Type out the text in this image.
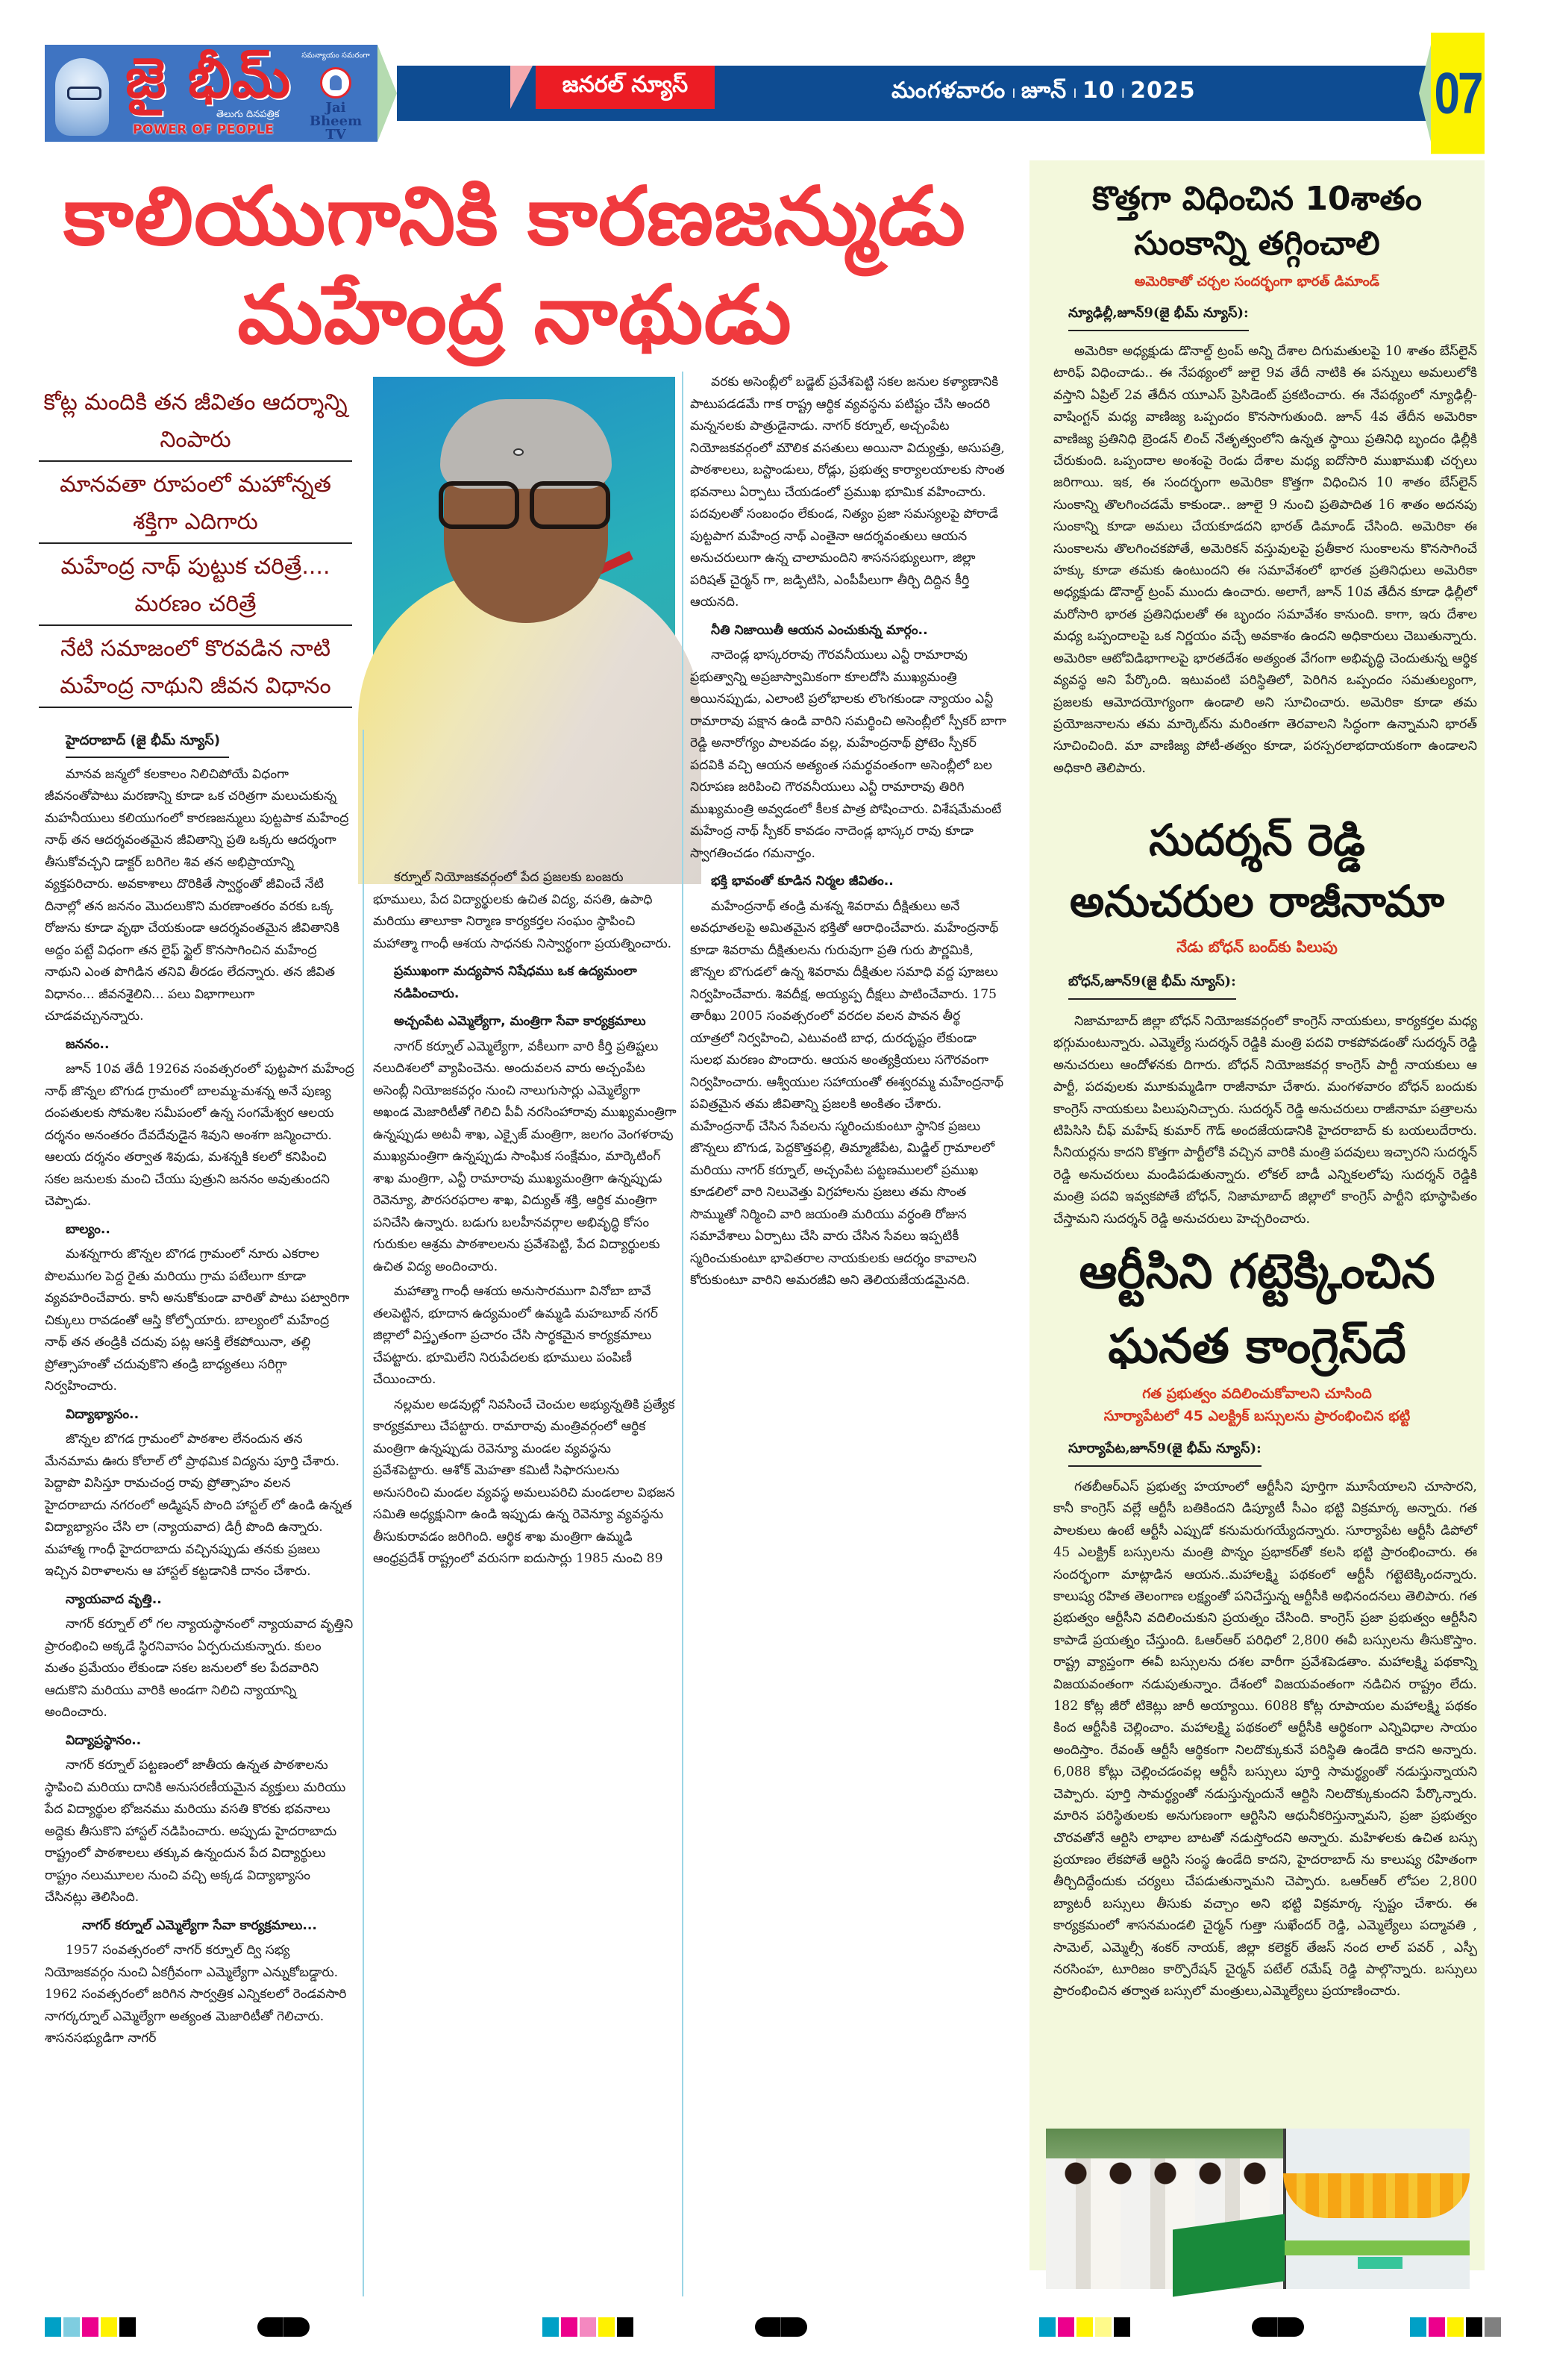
జై భీమ్
తెలుగు దినపత్రిక
POWER OF PEOPLE
సమన్యాయం సమరంగా
Jai Bheem TV
సామాన్యుడి ఆయుధంగా
జనరల్ న్యూస్	మంగళవారం । జూన్ । 10 । 2025	07
కాలియుగానికి కారణజన్ముడు
మహేంద్ర నాథుడు
కోట్ల మందికి తన జీవితం ఆదర్శాన్ని నింపారు మానవతా రూపంలో మహోన్నత శక్తిగా ఎదిగారు మహేంద్ర నాథ్ పుట్టుక చరిత్రే.... మరణం చరిత్రే నేటి సమాజంలో కొరవడిన నాటి మహేంద్ర నాథుని జీవన విధానం
హైదరాబాద్ (జై భీమ్ న్యూస్)

మానవ జన్మలో కలకాలం నిలిచిపోయే విధంగా జీవనంతోపాటు మరణాన్ని కూడా ఒక చరిత్రగా మలుచుకున్న మహనీయులు కలియుగంలో కారణజన్ములు పుట్టపాక మహేంద్ర నాథ్ తన ఆదర్శవంతమైన జీవితాన్ని ప్రతి ఒక్కరు ఆదర్శంగా తీసుకోవచ్చని డాక్టర్ బరిగెల శివ తన అభిప్రాయాన్ని వ్యక్తపరిచారు. అవకాశాలు దొరికితే స్వార్థంతో జీవించే నేటి దినాల్లో తన జననం మొదలుకొని మరణాంతరం వరకు ఒక్క రోజును కూడా వృథా చేయకుండా ఆదర్శవంతమైన జీవితానికి అద్దం పట్టే విధంగా తన లైఫ్ స్టైల్ కొనసాగించిన మహేంద్ర నాథుని ఎంత పొగిడిన తనివి తీరడం లేదన్నారు. తన జీవిత విధానం... జీవనశైలిని... పలు విభాగాలుగా చూడవచ్చునన్నారు.

జననం..

జూన్ 10వ తేదీ 1926వ సంవత్సరంలో పుట్టపాగ మహేంద్ర నాథ్ జొన్నల బొగుడ గ్రామంలో బాలమ్మ-మశన్న అనే పుణ్య దంపతులకు సోమశిల సమీపంలో ఉన్న సంగమేశ్వర ఆలయ దర్శనం అనంతరం దేవదేవుడైన శివుని అంశగా జన్మించారు. ఆలయ దర్శనం తర్వాత శివుడు, మశన్నకి కలలో కనిపించి సకల జనులకు మంచి చేయు పుత్రుని జననం అవుతుందని చెప్పాడు.

బాల్యం..

మశన్నగారు జొన్నల బొగడ గ్రామంలో నూరు ఎకరాల పొలముగల పెద్ద రైతు మరియు గ్రామ పటేలుగా కూడా వ్యవహరించేవారు. కానీ అనుకోకుండా వారితో పాటు పట్వారిగా చిక్కులు రావడంతో ఆస్తి కోల్పోయారు. బాల్యంలో మహేంద్ర నాథ్ తన తండ్రికి చదువు పట్ల ఆసక్తి లేకపోయినా, తల్లి ప్రోత్సాహంతో చదువుకొని తండ్రి బాధ్యతలు సరిగ్గా నిర్వహించారు.

విద్యాభ్యాసం..

జొన్నల బొగడ గ్రామంలో పాఠశాల లేనందున తన మేనమామ ఊరు కోలాల్ లో ప్రాథమిక విద్యను పూర్తి చేశారు. పెద్దాపొ విసిస్తూ రామచంద్ర రావు ప్రోత్సాహం వలన హైదరాబాదు నగరంలో అడ్మిషన్ పొంది హాస్టల్ లో ఉండి ఉన్నత విద్యాభ్యాసం చేసి లా (న్యాయవాద) డిగ్రీ పొంది ఉన్నారు. మహాత్మ గాంధీ హైదరాబాదు వచ్చినప్పుడు తనకు ప్రజలు ఇచ్చిన విరాళాలను ఆ హాస్టల్ కట్టడానికి దానం చేశారు.

న్యాయవాద వృత్తి..

నాగర్ కర్నూల్ లో గల న్యాయస్థానంలో న్యాయవాద వృత్తిని ప్రారంభించి అక్కడే స్థిరనివాసం ఏర్పరుచుకున్నారు. కులం మతం ప్రమేయం లేకుండా సకల జనులలో కల పేదవారిని ఆదుకొని మరియు వారికి అండగా నిలిచి న్యాయాన్ని అందించారు.

విద్యాప్రస్థానం..

నాగర్ కర్నూల్ పట్టణంలో జాతీయ ఉన్నత పాఠశాలను స్థాపించి మరియు దానికి అనుసరణీయమైన వ్యక్తులు మరియు పేద విద్యార్థుల భోజనము మరియు వసతి కొరకు భవనాలు అద్దెకు తీసుకొని హాస్టల్ నడిపించారు. అప్పుడు హైదరాబాదు రాష్ట్రంలో పాఠశాలలు తక్కువ ఉన్నందున పేద విద్యార్థులు రాష్ట్రం నలుమూలల నుంచి వచ్చి అక్కడ విద్యాభ్యాసం చేసినట్లు తెలిసింది.

నాగర్ కర్నూల్ ఎమ్మెల్యేగా సేవా కార్యక్రమాలు...

1957 సంవత్సరంలో నాగర్ కర్నూల్ ద్వి సభ్య నియోజకవర్గం నుంచి ఏకగ్రీవంగా ఎమ్మెల్యేగా ఎన్నుకోబడ్డారు. 1962 సంవత్సరంలో జరిగిన సార్వత్రిక ఎన్నికలలో రెండవసారి నాగర్కర్నూల్ ఎమ్మెల్యేగా అత్యంత మెజారిటీతో గెలిచారు. శాసనసభ్యుడిగా నాగర్

కర్నూల్ నియోజకవర్గంలో పేద ప్రజలకు బంజరు భూములు, పేద విద్యార్థులకు ఉచిత విద్య, వసతి, ఉపాధి మరియు తాలూకా నిర్మాణ కార్యకర్తల సంఘం స్థాపించి మహాత్మా గాంధీ ఆశయ సాధనకు నిస్వార్థంగా ప్రయత్నించారు.

ప్రముఖంగా మద్యపాన నిషేధము ఒక ఉద్యమంలా నడిపించారు.
అచ్చంపేట ఎమ్మెల్యేగా, మంత్రిగా సేవా కార్యక్రమాలు

నాగర్ కర్నూల్ ఎమ్మెల్యేగా, వకీలుగా వారి కీర్తి ప్రతిష్టలు నలుదిశలలో వ్యాపించెను. అందువలన వారు అచ్చంపేట అసెంబ్లీ నియోజకవర్గం నుంచి నాలుగుసార్లు ఎమ్మెల్యేగా అఖండ మెజారిటీతో గెలిచి పీవీ నరసింహారావు ముఖ్యమంత్రిగా ఉన్నప్పుడు అటవీ శాఖ, ఎక్సైజ్ మంత్రిగా, జలగం వెంగళరావు ముఖ్యమంత్రిగా ఉన్నప్పుడు సాంఘిక సంక్షేమం, మార్కెటింగ్ శాఖ మంత్రిగా, ఎన్టీ రామారావు ముఖ్యమంత్రిగా ఉన్నప్పుడు రెవెన్యూ, పౌరసరఫరాల శాఖ, విద్యుత్ శక్తి, ఆర్థిక మంత్రిగా పనిచేసి ఉన్నారు. బడుగు బలహీనవర్గాల అభివృద్ధి కోసం గురుకుల ఆశ్రమ పాఠశాలలను ప్రవేశపెట్టి, పేద విద్యార్థులకు ఉచిత విద్య అందించారు.

మహాత్మా గాంధీ ఆశయ అనుసారముగా వినోబా బావే తలపెట్టిన, భూదాన ఉద్యమంలో ఉమ్మడి మహబూబ్ నగర్ జిల్లాలో విస్తృతంగా ప్రచారం చేసి సార్థకమైన కార్యక్రమాలు చేపట్టారు. భూమిలేని నిరుపేదలకు భూములు పంపిణీ చేయించారు.

నల్లమల అడవుల్లో నివసించే చెంచుల అభ్యున్నతికి ప్రత్యేక కార్యక్రమాలు చేపట్టారు. రామారావు మంత్రివర్గంలో ఆర్థిక మంత్రిగా ఉన్నప్పుడు రెవెన్యూ మండల వ్యవస్థను ప్రవేశపెట్టారు. ఆశోక్ మెహతా కమిటీ సిఫారసులను అనుసరించి మండల వ్యవస్థ అమలుపరిచి మండలాల విభజన సమితి అధ్యక్షునిగా ఉండి ఇప్పుడు ఉన్న రెవెన్యూ వ్యవస్థను తీసుకురావడం జరిగింది. ఆర్థిక శాఖ మంత్రిగా ఉమ్మడి ఆంధ్రప్రదేశ్ రాష్ట్రంలో వరుసగా ఐదుసార్లు 1985 నుంచి 89

వరకు అసెంబ్లీలో బడ్జెట్ ప్రవేశపెట్టి సకల జనుల కళ్యాణానికి పాటుపడడమే గాక రాష్ట్ర ఆర్థిక వ్యవస్థను పటిష్టం చేసి అందరి మన్ననలకు పాత్రుడైనాడు. నాగర్ కర్నూల్, అచ్చంపేట నియోజకవర్గంలో మౌలిక వసతులు అయినా విద్యుత్తు, అసుపత్రి, పాఠశాలలు, బస్టాండులు, రోడ్లు, ప్రభుత్వ కార్యాలయాలకు సొంత భవనాలు ఏర్పాటు చేయడంలో ప్రముఖ భూమిక వహించారు. పదవులతో సంబంధం లేకుండ, నిత్యం ప్రజా సమస్యలపై పోరాడే పుట్టపాగ మహేంద్ర నాథ్ ఎంతైనా ఆదర్శవంతులు ఆయన అనుచరులుగా ఉన్న చాలామందిని శాసనసభ్యులుగా, జిల్లా పరిషత్ చైర్మన్ గా, జడ్పిటిసి, ఎంపీపీలుగా తీర్చి దిద్దిన కీర్తి ఆయనది.

నీతి నిజాయితీ ఆయన ఎంచుకున్న మార్గం..

నాదెండ్ల భాస్కరరావు గౌరవనీయులు ఎన్టీ రామారావు ప్రభుత్వాన్ని అప్రజాస్వామికంగా కూలదోసి ముఖ్యమంత్రి అయినప్పుడు, ఎలాంటి ప్రలోభాలకు లొంగకుండా న్యాయం ఎన్టీ రామారావు పక్షాన ఉండి వారిని సమర్థించి అసెంబ్లీలో స్పీకర్ బాగా రెడ్డి అనారోగ్యం పాలవడం వల్ల, మహేంద్రనాథ్ ప్రోటెం స్పీకర్ పదవికి వచ్చి ఆయన అత్యంత సమర్థవంతంగా అసెంబ్లీలో బల నిరూపణ జరిపించి గౌరవనీయులు ఎన్టీ రామారావు తిరిగి ముఖ్యమంత్రి అవ్వడంలో కీలక పాత్ర పోషించారు. విశేషమేమంటే మహేంద్ర నాథ్ స్పీకర్ కావడం నాదెండ్ల భాస్కర రావు కూడా స్వాగతించడం గమనార్హం.

భక్తి భావంతో కూడిన నిర్మల జీవితం..

మహేంద్రనాథ్ తండ్రి మశన్న శివరామ దీక్షితులు అనే అవధూతలపై అమితమైన భక్తితో ఆరాధించేవారు. మహేంద్రనాథ్ కూడా శివరామ దీక్షితులను గురువుగా ప్రతి గురు పౌర్ణమికి, జొన్నల బొగుడలో ఉన్న శివరామ దీక్షితుల సమాధి వద్ద పూజలు నిర్వహించేవారు. శివదీక్ష, అయ్యప్ప దీక్షలు పాటించేవారు. 175 తారీఖు 2005 సంవత్సరంలో వరదల వలన పావన తీర్థ యాత్రలో నిర్వహించి, ఎటువంటి బాధ, దురదృష్టం లేకుండా సులభ మరణం పొందారు. ఆయన అంత్యక్రియలు సగౌరవంగా నిర్వహించారు. ఆశ్వీయుల సహాయంతో ఈశ్వరమ్మ మహేంద్రనాథ్ పవిత్రమైన తమ జీవితాన్ని ప్రజలకి అంకితం చేశారు. మహేంద్రనాథ్ చేసిన సేవలను స్మరించుకుంటూ స్థానిక ప్రజలు జొన్నలు బొగుడ, పెద్దకొత్తపల్లి, తిమ్మాజీపేట, మిడ్జిల్ గ్రామాలలో మరియు నాగర్ కర్నూల్, అచ్చంపేట పట్టణములలో ప్రముఖ కూడలిలో వారి నిలువెత్తు విగ్రహాలను ప్రజలు తమ సొంత సొమ్ముతో నిర్మించి వారి జయంతి మరియు వర్ధంతి రోజున సమావేశాలు ఏర్పాటు చేసి వారు చేసిన సేవలు ఇప్పటికీ స్మరించుకుంటూ భావితరాల నాయకులకు ఆదర్శం కావాలని కోరుకుంటూ వారిని అమరజీవి అని తెలియజేయడమైనది.

కొత్తగా విధించిన 10శాతం
సుంకాన్ని తగ్గించాలి
అమెరికాతో చర్చల సందర్భంగా భారత్ డిమాండ్
న్యూఢిల్లీ,జూన్9(జై భీమ్ న్యూస్):

అమెరికా అధ్యక్షుడు డొనాల్డ్ ట్రంప్ అన్ని దేశాల దిగుమతులపై 10 శాతం బేస్‌లైన్ టారిఫ్ విధించాడు.. ఈ నేపథ్యంలో జులై 9వ తేదీ నాటికి ఈ పన్నులు అమలులోకి వస్తాని ఏప్రిల్ 2వ తేదీన యూఎస్ ప్రెసిడెంట్ ప్రకటించారు. ఈ నేపథ్యంలో న్యూఢిల్లీ- వాషింగ్టన్ మధ్య వాణిజ్య ఒప్పందం కొనసాగుతుంది. జూన్ 4వ తేదీన అమెరికా వాణిజ్య ప్రతినిధి బ్రెండన్ లించ్ నేతృత్వంలోని ఉన్నత స్థాయి ప్రతినిధి బృందం ఢిల్లీకి చేరుకుంది. ఒప్పందాల అంశంపై రెండు దేశాల మధ్య ఐదోసారి ముఖాముఖి చర్చలు జరిగాయి. ఇక, ఈ సందర్భంగా అమెరికా కొత్తగా విధించిన 10 శాతం బేస్‌లైన్ సుంకాన్ని తొలగించడమే కాకుండా.. జూలై 9 నుంచి ప్రతిపాదిత 16 శాతం అదనపు సుంకాన్ని కూడా అమలు చేయకూడదని భారత్ డిమాండ్ చేసింది. అమెరికా ఈ సుంకాలను తొలగించకపోతే, అమెరికన్ వస్తువులపై ప్రతీకార సుంకాలను కొనసాగించే హక్కు కూడా తమకు ఉంటుందని ఈ సమావేశంలో భారత ప్రతినిధులు అమెరికా అధ్యక్షుడు డొనాల్డ్ ట్రంప్ ముందు ఉంచారు. అలాగే, జూన్ 10వ తేదీన కూడా ఢిల్లీలో మరోసారి భారత ప్రతినిధులతో ఈ బృందం సమావేశం కానుంది. కాగా, ఇరు దేశాల మధ్య ఒప్పందాలపై ఒక నిర్ణయం వచ్చే అవకాశం ఉందని అధికారులు చెబుతున్నారు. అమెరికా ఆటోవిడిభాగాలపై భారతదేశం అత్యంత వేగంగా అభివృద్ధి చెందుతున్న ఆర్థిక వ్యవస్థ అని పేర్కొంది. ఇటువంటి పరిస్థితిలో, పెరిగిన ఒప్పందం సమతుల్యంగా, ప్రజలకు ఆమోదయోగ్యంగా ఉండాలి అని సూచించారు. అమెరికా కూడా తమ ప్రయోజనాలను తమ మార్కెట్‌ను మరింతగా తెరవాలని సిద్ధంగా ఉన్నామని భారత్ సూచించింది. మా వాణిజ్య పోటీ-తత్వం కూడా, పరస్పరలాభదాయకంగా ఉండాలని అధికారి తెలిపారు.

సుదర్శన్ రెడ్డి
అనుచరుల రాజీనామా
నేడు బోధన్ బంద్‌కు పిలుపు
బోధన్,జూన్9(జై భీమ్ న్యూస్):

నిజామాబాద్ జిల్లా బోధన్ నియోజకవర్గంలో కాంగ్రెస్ నాయకులు, కార్యకర్తల మధ్య భగ్గుమంటున్నారు. ఎమ్మెల్యే సుదర్శన్ రెడ్డికి మంత్రి పదవి రాకపోవడంతో సుదర్శన్ రెడ్డి అనుచరులు ఆందోళనకు దిగారు. బోధన్ నియోజకవర్గ కాంగ్రెస్ పార్టీ నాయకులు ఆ పార్టీ, పదవులకు మూకుమ్మడిగా రాజీనామా చేశారు. మంగళవారం బోధన్ బందుకు కాంగ్రెస్ నాయకులు పిలుపునిచ్చారు. సుదర్శన్ రెడ్డి అనుచరులు రాజీనామా పత్రాలను టిపిసిసి చీఫ్ మహేష్ కుమార్ గౌడ్ అందజేయడానికి హైదరాబాద్ కు బయలుదేరారు. సీనియర్లను కాదని కొత్తగా పార్టీలోకి వచ్చిన వారికి మంత్రి పదవులు ఇచ్చారని సుదర్శన్ రెడ్డి అనుచరులు మండిపడుతున్నారు. లోకల్ బాడీ ఎన్నికలలోపు సుదర్శన్ రెడ్డికి మంత్రి పదవి ఇవ్వకపోతే బోధన్, నిజామాబాద్ జిల్లాలో కాంగ్రెస్ పార్టీని భూస్థాపితం చేస్తామని సుదర్శన్ రెడ్డి అనుచరులు హెచ్చరించారు.

ఆర్టీసిని గట్టెక్కించిన
ఘనత కాంగ్రెస్‌దే
గత ప్రభుత్వం వదిలించుకోవాలని చూసింది
సూర్యాపేటలో 45 ఎలక్ట్రిక్ బస్సులను ప్రారంభించిన భట్టి
సూర్యాపేట,జూన్9(జై భీమ్ న్యూస్):

గతబీఆర్ఎస్ ప్రభుత్వ హయాంలో ఆర్టీసీని పూర్తిగా మూసేయాలని చూసారని, కానీ కాంగ్రెస్ వల్లే ఆర్టీసీ బతికిందని డిప్యూటీ సీఎం భట్టి విక్రమార్క అన్నారు. గత పాలకులు ఉంటే ఆర్టీసీ ఎప్పుడో కనుమరుగయ్యేదన్నారు. సూర్యాపేట ఆర్టీసీ డిపోలో 45 ఎలక్ట్రిక్ బస్సులను మంత్రి పొన్నం ప్రభాకర్‌తో కలసి భట్టి ప్రారంభించారు. ఈ సందర్భంగా మాట్లాడిన ఆయన..మహాలక్ష్మి పథకంలో ఆర్టీసీ గట్టెటెక్కిందన్నారు. కాలుష్య రహిత తెలంగాణ లక్ష్యంతో పనిచేస్తున్న ఆర్టీసీకి అభినందనలు తెలిపారు. గత ప్రభుత్వం ఆర్టీసీని వదిలించుకుని ప్రయత్నం చేసింది. కాంగ్రెస్ ప్రజా ప్రభుత్వం ఆర్టీసీని కాపాడే ప్రయత్నం చేస్తుంది. ఓఆర్ఆర్ పరిధిలో 2,800 ఈవీ బస్సులను తీసుకొస్తాం. రాష్ట్ర వ్యాప్తంగా ఈవీ బస్సులను దశల వారీగా ప్రవేశపెడతాం. మహాలక్ష్మి పథకాన్ని విజయవంతంగా నడుపుతున్నాం. దేశంలో విజయవంతంగా నడిచిన రాష్ట్రం లేదు. 182 కోట్ల జీరో టికెట్లు జారీ అయ్యాయి. 6088 కోట్ల రూపాయల మహాలక్ష్మి పథకం కింద ఆర్టీసీకి చెల్లించాం. మహాలక్ష్మి పథకంలో ఆర్టీసీకి ఆర్థికంగా ఎన్నివిధాల సాయం అందిస్తాం. రేవంత్ ఆర్టీసీ ఆర్థికంగా నిలదొక్కుకునే పరిస్థితి ఉండేది కాదని అన్నారు. 6,088 కోట్లు చెల్లించడంవల్ల ఆర్టీసీ బస్సులు పూర్తి సామర్థ్యంతో నడుస్తున్నాయని చెప్పారు. పూర్తి సామర్థ్యంతో నడుస్తున్నందునే ఆర్టిసి నిలదొక్కుకుందని పేర్కొన్నారు. మారిన పరిస్థితులకు అనుగుణంగా ఆర్టిసిని ఆధునీకరిస్తున్నామని, ప్రజా ప్రభుత్వం చొరవతోనే ఆర్టిసి లాభాల బాటతో నడుస్తోందని అన్నారు. మహిళలకు ఉచిత బస్సు ప్రయాణం లేకపోతే ఆర్టిసి సంస్థ ఉండేది కాదని, హైదరాబాద్ ను కాలుష్య రహితంగా తీర్చిదిద్దేందుకు చర్యలు చేపడుతున్నామని చెప్పారు. ఒఆర్ఆర్ లోపల 2,800 బ్యాటరీ బస్సులు తీసుకు వచ్చాం అని భట్టి విక్రమార్క స్పష్టం చేశారు. ఈ కార్యక్రమంలో శాసనమండలి చైర్మన్ గుత్తా సుఖేందర్ రెడ్డి, ఎమ్మెల్యేలు పద్మావతి , సామెల్, ఎమ్మెల్సీ శంకర్ నాయక్, జిల్లా కలెక్టర్ తేజస్ నంద లాల్ పవర్ , ఎస్పీ నరసింహ, టూరిజం కార్పొరేషన్ చైర్మన్ పటేల్ రమేష్ రెడ్డి పాల్గొన్నారు. బస్సులు ప్రారంభించిన తర్వాత బస్సులో మంత్రులు,ఎమ్మెల్యేలు ప్రయాణించారు.
